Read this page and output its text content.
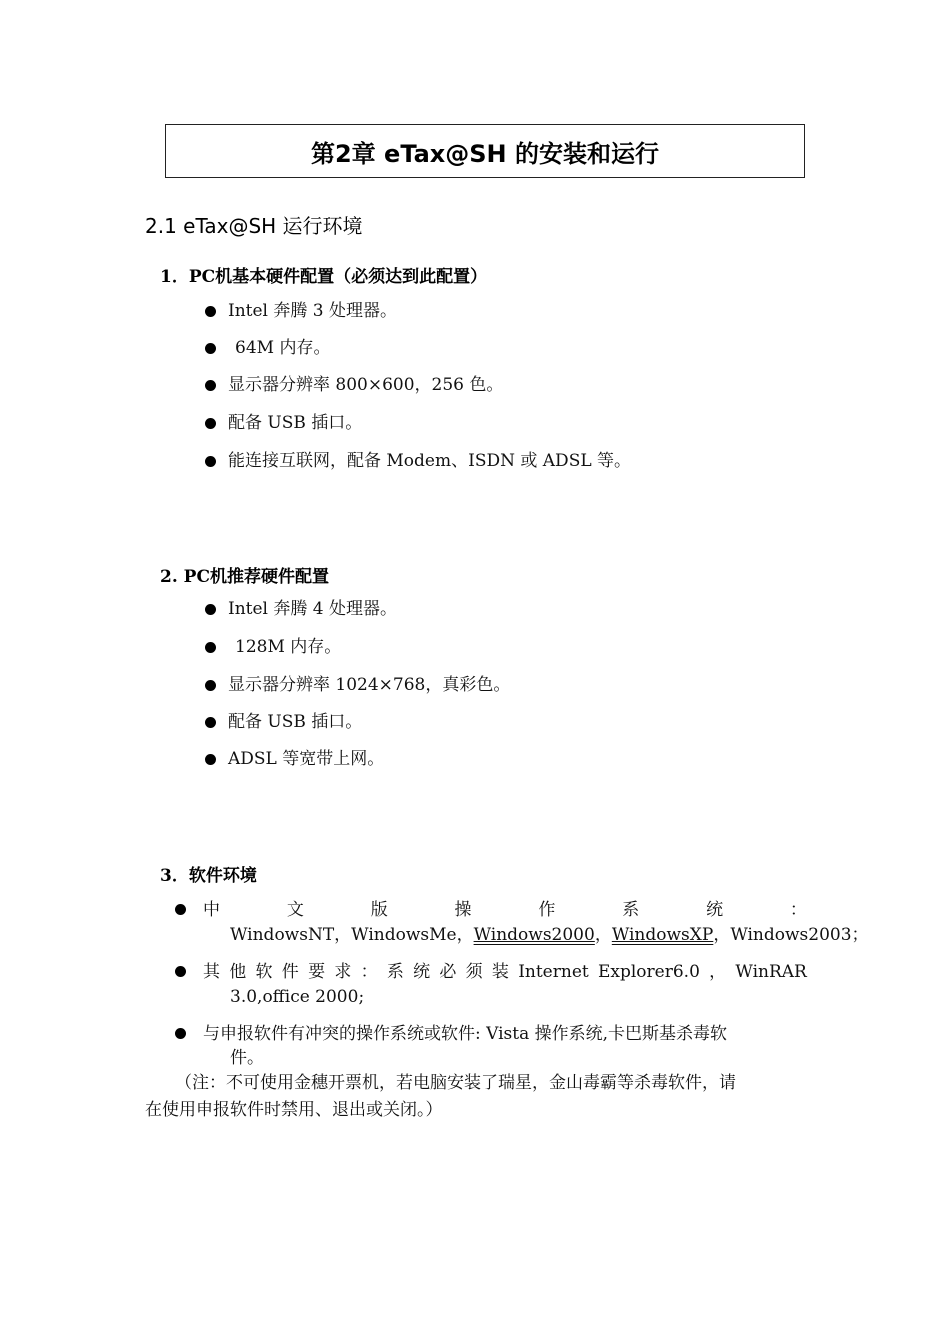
第2章 eTax@SH 的安装和运行
2.1 eTax@SH 运行环境
1．PC机基本硬件配置（必须达到此配置）
Intel 奔腾 3 处理器。
64M 内存。
显示器分辨率 800×600，256 色。
配备 USB 插口。
能连接互联网，配备 Modem、ISDN 或 ADSL 等。
2. PC机推荐硬件配置
Intel 奔腾 4 处理器。
128M 内存。
显示器分辨率 1024×768，真彩色。
配备 USB 插口。
ADSL 等宽带上网。
3．软件环境
中	文	版	操	作	系	统	：
WindowsNT，WindowsMe，Windows2000，WindowsXP，Windows2003；
其 他 软 件 要 求 ： 系 统 必 须 装 Internet Explorer6.0 ， WinRAR
3.0,office 2000;
与申报软件有冲突的操作系统或软件: Vista 操作系统,卡巴斯基杀毒软
件。
（注：不可使用金穗开票机，若电脑安装了瑞星，金山毒霸等杀毒软件，请
在使用申报软件时禁用、退出或关闭。）
